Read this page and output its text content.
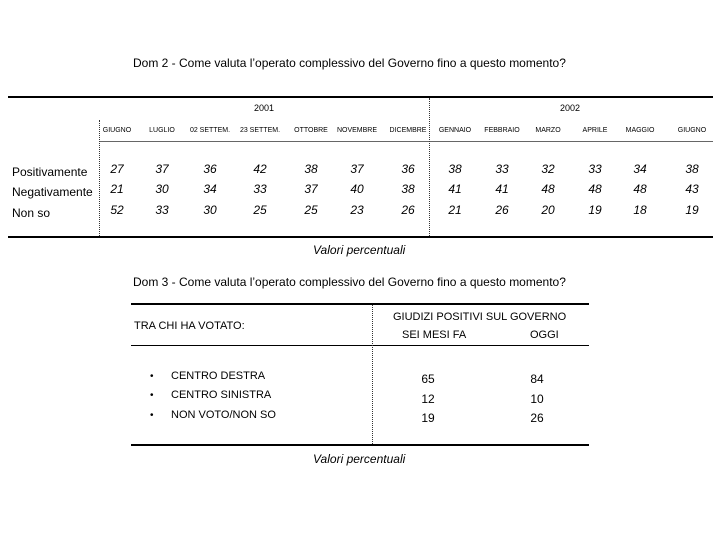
Dom 2 - Come valuta l’operato complessivo del Governo fino a questo momento?
2001	2002
GIUGNO	LUGLIO	02 SETTEM.	23 SETTEM.	OTTOBRE	NOVEMBRE	DICEMBRE	GENNAIO	FEBBRAIO	MARZO	APRILE	MAGGIO	GIUGNO
Positivamente	27	37	36	42	38	37	36	38	33	32	33	34	38
Negativamente	21	30	34	33	37	40	38	41	41	48	48	48	43
Non so	52	33	30	25	25	23	26	21	26	20	19	18	19
Valori percentuali
Dom 3 - Come valuta l’operato complessivo del Governo fino a questo momento?
TRA CHI HA VOTATO:
GIUDIZI POSITIVI SUL GOVERNO
SEI MESI FA	OGGI
• CENTRO DESTRA	65	84
• CENTRO SINISTRA	12	10
• NON VOTO/NON SO	19	26
Valori percentuali
